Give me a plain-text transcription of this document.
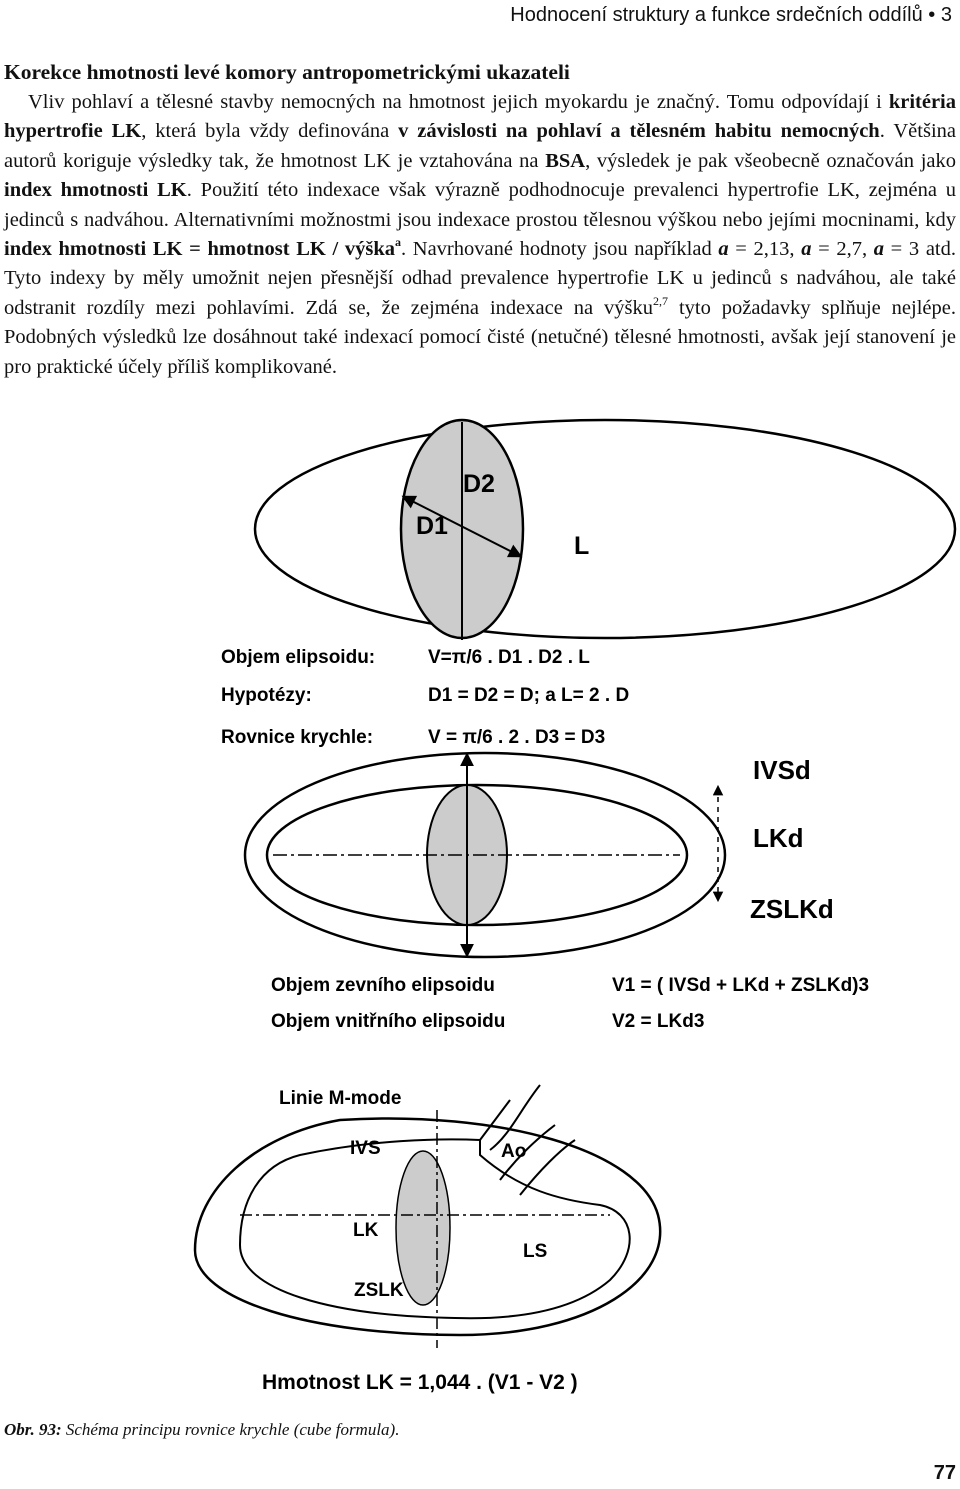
Hodnocení struktury a funkce srdečních oddílů • 3
Korekce hmotnosti levé komory antropometrickými ukazateli

Vliv pohlaví a tělesné stavby nemocných na hmotnost jejich myokardu je značný. Tomu odpovídají i kritéria hypertrofie LK, která byla vždy definována v závislosti na pohlaví a tělesném habitu nemocných. Většina autorů koriguje výsledky tak, že hmotnost LK je vztahována na BSA, výsledek je pak všeobecně označován jako index hmotnosti LK. Použití této indexace však výrazně podhodnocuje prevalenci hypertrofie LK, zejména u jedinců s nadváhou. Alternativními možnostmi jsou indexace prostou tělesnou výškou nebo jejími mocninami, kdy index hmotnosti LK = hmotnost LK / výška$^a$. Navrhované hodnoty jsou například a = 2,13, a = 2,7, a = 3 atd. Tyto indexy by měly umožnit nejen přesnější odhad prevalence hypertrofie LK u jedinců s nadváhou, ale také odstranit rozdíly mezi pohlavími. Zdá se, že zejména indexace na výšku$^{2,7}$ tyto požadavky splňuje nejlépe. Podobných výsledků lze dosáhnout také indexací pomocí čisté (netučné) tělesné hmotnosti, avšak její stanovení je pro praktické účely příliš komplikované.

D2
D1
L
Objem elipsoidu:	V=π/6 . D1 . D2 . L
Hypotézy:	D1 = D2 = D; a L= 2 . D
Rovnice krychle:	V = π/6 . 2 . D3 = D3
IVSd
LKd
ZSLKd
Objem zevního elipsoidu	V1 = ( IVSd + LKd + ZSLKd)3
Objem vnitřního elipsoidu	V2 = LKd3
Linie M-mode
IVS	Ao
LK
LS
ZSLK
Hmotnost LK = 1,044 . (V1 - V2 )
Obr. 93: Schéma principu rovnice krychle (cube formula).
77
